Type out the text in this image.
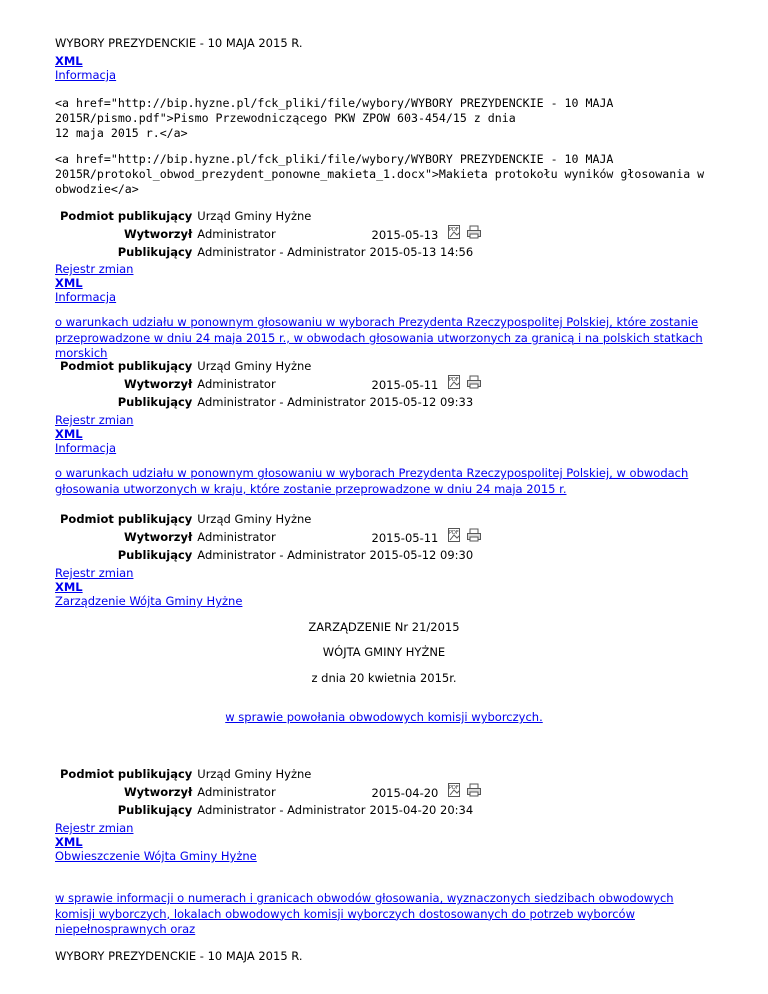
WYBORY PREZYDENCKIE - 10 MAJA 2015 R.
XML
Informacja
<a href="http://bip.hyzne.pl/fck_pliki/file/wybory/WYBORY PREZYDENCKIE - 10 MAJA
2015R/pismo.pdf">Pismo Przewodniczącego PKW ZPOW 603-454/15 z dnia
12 maja 2015 r.</a>
<a href="http://bip.hyzne.pl/fck_pliki/file/wybory/WYBORY PREZYDENCKIE - 10 MAJA
2015R/protokol_obwod_prezydent_ponowne_makieta_1.docx">Makieta protokołu wyników głosowania w
obwodzie</a>
Podmiot publikujący	Urząd Gminy Hyżne	
Wytworzył	Administrator	2015-05-13 PDF

Publikujący	Administrator - Administrator	2015-05-13 14:56
Rejestr zmian
XML
Informacja
o warunkach udziału w ponownym głosowaniu w wyborach Prezydenta Rzeczypospolitej Polskiej, które zostanie przeprowadzone w dniu 24 maja 2015 r., w obwodach głosowania utworzonych za granicą i na polskich statkach morskich
Podmiot publikujący	Urząd Gminy Hyżne	
Wytworzył	Administrator	2015-05-11 PDF

Publikujący	Administrator - Administrator	2015-05-12 09:33
Rejestr zmian
XML
Informacja
o warunkach udziału w ponownym głosowaniu w wyborach Prezydenta Rzeczypospolitej Polskiej, w obwodach głosowania utworzonych w kraju, które zostanie przeprowadzone w dniu 24 maja 2015 r.
Podmiot publikujący	Urząd Gminy Hyżne	
Wytworzył	Administrator	2015-05-11 PDF

Publikujący	Administrator - Administrator	2015-05-12 09:30
Rejestr zmian
XML
Zarządzenie Wójta Gminy Hyżne
ZARZĄDZENIE Nr 21/2015
WÓJTA GMINY HYŻNE
z dnia 20 kwietnia 2015r.
w sprawie powołania obwodowych komisji wyborczych.
Podmiot publikujący	Urząd Gminy Hyżne	
Wytworzył	Administrator	2015-04-20 PDF

Publikujący	Administrator - Administrator	2015-04-20 20:34
Rejestr zmian
XML
Obwieszczenie Wójta Gminy Hyżne
w sprawie informacji o numerach i granicach obwodów głosowania, wyznaczonych siedzibach obwodowych komisji wyborczych, lokalach obwodowych komisji wyborczych dostosowanych do potrzeb wyborców niepełnosprawnych oraz
WYBORY PREZYDENCKIE - 10 MAJA 2015 R.
